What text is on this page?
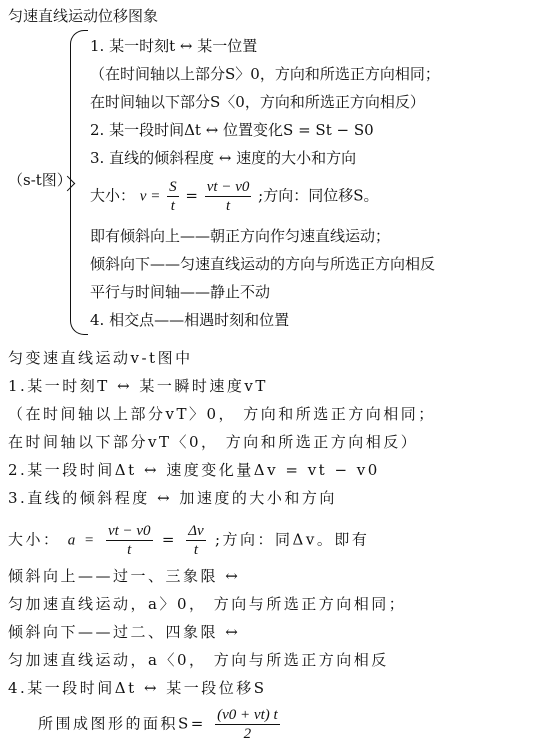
匀速直线运动位移图象
（s-t图）
1. 某一时刻t ↔ 某一位置
（在时间轴以上部分S〉0，方向和所选正方向相同；
在时间轴以下部分S〈0，方向和所选正方向相反）
2. 某一段时间Δt ↔ 位置变化S = St − S0
3. 直线的倾斜程度 ↔ 速度的大小和方向
大小： $v = \frac{S}{t} = \frac{vt - v0}{t}$ ;方向：同位移S。
即有倾斜向上——朝正方向作匀速直线运动；
倾斜向下——匀速直线运动的方向与所选正方向相反
平行与时间轴——静止不动
4. 相交点——相遇时刻和位置
匀变速直线运动v-t图中
1.某一时刻T ↔ 某一瞬时速度vT
（在时间轴以上部分vT〉0， 方向和所选正方向相同；
在时间轴以下部分vT〈0， 方向和所选正方向相反）
2.某一段时间Δt ↔ 速度变化量Δv = vt − v0
3.直线的倾斜程度 ↔ 加速度的大小和方向
大小： $a = \frac{vt - v0}{t} = \frac{\Delta v}{t}$ ;方向：同Δv。即有
倾斜向上——过一、三象限 ↔
匀加速直线运动，a〉0， 方向与所选正方向相同；
倾斜向下——过二、四象限 ↔
匀加速直线运动，a〈0， 方向与所选正方向相反
4.某一段时间Δt ↔ 某一段位移S
所围成图形的面积$S= \frac{(v0 + vt) t}{2}$
